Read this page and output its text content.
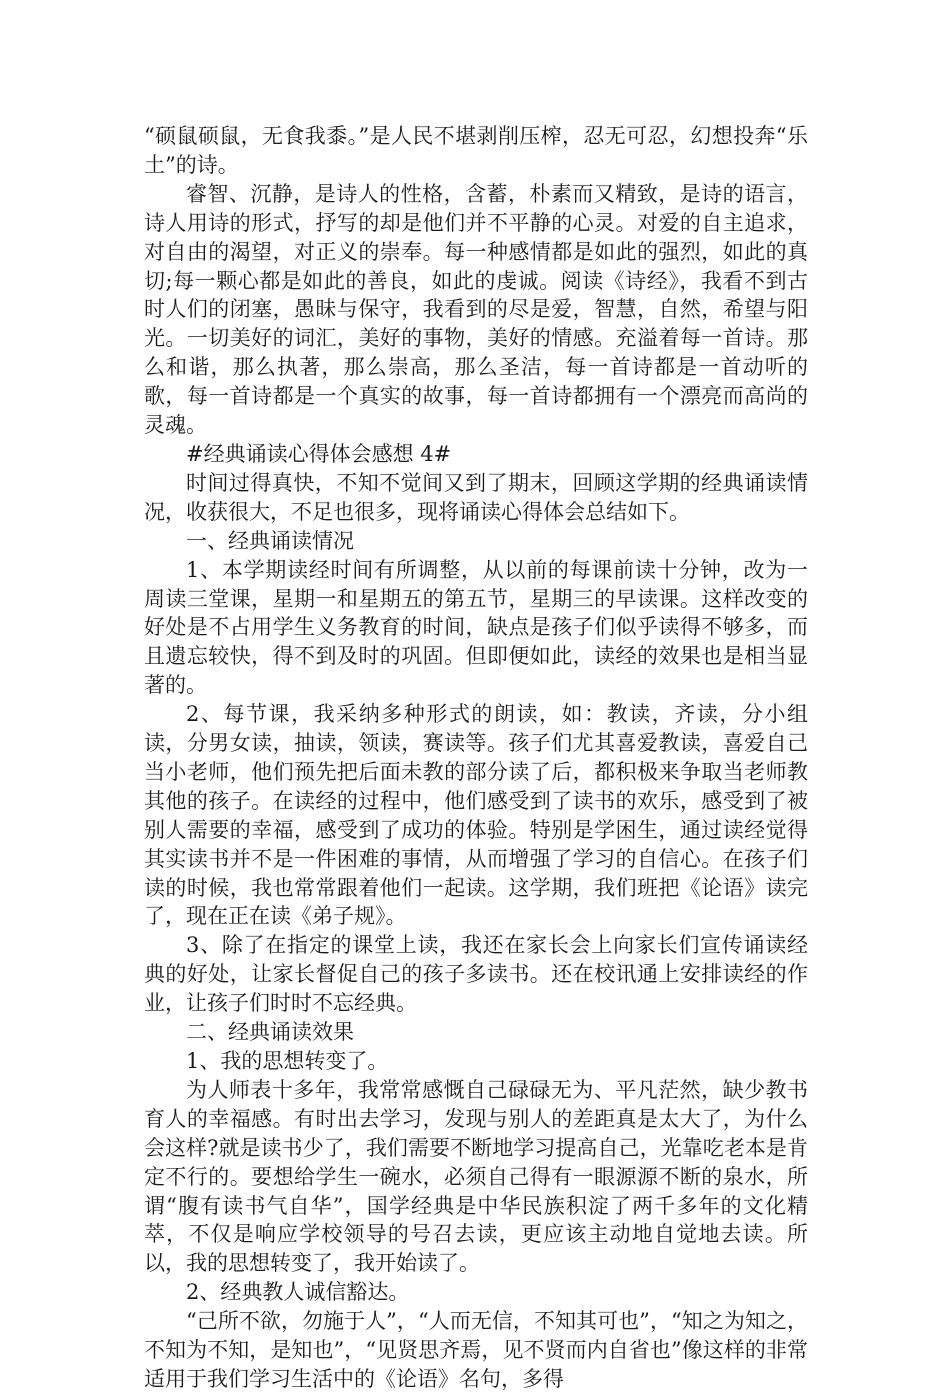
“硕鼠硕鼠，无食我黍。”是人民不堪剥削压榨，忍无可忍，幻想投奔“乐土”的诗。

睿智、沉静，是诗人的性格，含蓄，朴素而又精致，是诗的语言，诗人用诗的形式，抒写的却是他们并不平静的心灵。对爱的自主追求，对自由的渴望，对正义的崇奉。每一种感情都是如此的强烈，如此的真切;每一颗心都是如此的善良，如此的虔诚。阅读《诗经》，我看不到古时人们的闭塞，愚昧与保守，我看到的尽是爱，智慧，自然，希望与阳光。一切美好的词汇，美好的事物，美好的情感。充溢着每一首诗。那么和谐，那么执著，那么崇高，那么圣洁，每一首诗都是一首动听的歌，每一首诗都是一个真实的故事，每一首诗都拥有一个漂亮而高尚的灵魂。

#经典诵读心得体会感想 4#

时间过得真快，不知不觉间又到了期末，回顾这学期的经典诵读情况，收获很大，不足也很多，现将诵读心得体会总结如下。

一、经典诵读情况

1、本学期读经时间有所调整，从以前的每课前读十分钟，改为一周读三堂课，星期一和星期五的第五节，星期三的早读课。这样改变的好处是不占用学生义务教育的时间，缺点是孩子们似乎读得不够多，而且遗忘较快，得不到及时的巩固。但即便如此，读经的效果也是相当显著的。

2、每节课，我采纳多种形式的朗读，如：教读，齐读，分小组读，分男女读，抽读，领读，赛读等。孩子们尤其喜爱教读，喜爱自己当小老师，他们预先把后面未教的部分读了后，都积极来争取当老师教其他的孩子。在读经的过程中，他们感受到了读书的欢乐，感受到了被别人需要的幸福，感受到了成功的体验。特别是学困生，通过读经觉得其实读书并不是一件困难的事情，从而增强了学习的自信心。在孩子们读的时候，我也常常跟着他们一起读。这学期，我们班把《论语》读完了，现在正在读《弟子规》。

3、除了在指定的课堂上读，我还在家长会上向家长们宣传诵读经典的好处，让家长督促自己的孩子多读书。还在校讯通上安排读经的作业，让孩子们时时不忘经典。

二、经典诵读效果

1、我的思想转变了。

为人师表十多年，我常常感慨自己碌碌无为、平凡茫然，缺少教书育人的幸福感。有时出去学习，发现与别人的差距真是太大了，为什么会这样?就是读书少了，我们需要不断地学习提高自己，光靠吃老本是肯定不行的。要想给学生一碗水，必须自己得有一眼源源不断的泉水，所谓“腹有读书气自华”，国学经典是中华民族积淀了两千多年的文化精萃，不仅是响应学校领导的号召去读，更应该主动地自觉地去读。所以，我的思想转变了，我开始读了。

2、经典教人诚信豁达。

“己所不欲，勿施于人”，“人而无信，不知其可也”，“知之为知之，不知为不知，是知也”，“见贤思齐焉，见不贤而内自省也”像这样的非常适用于我们学习生活中的《论语》名句，多得
